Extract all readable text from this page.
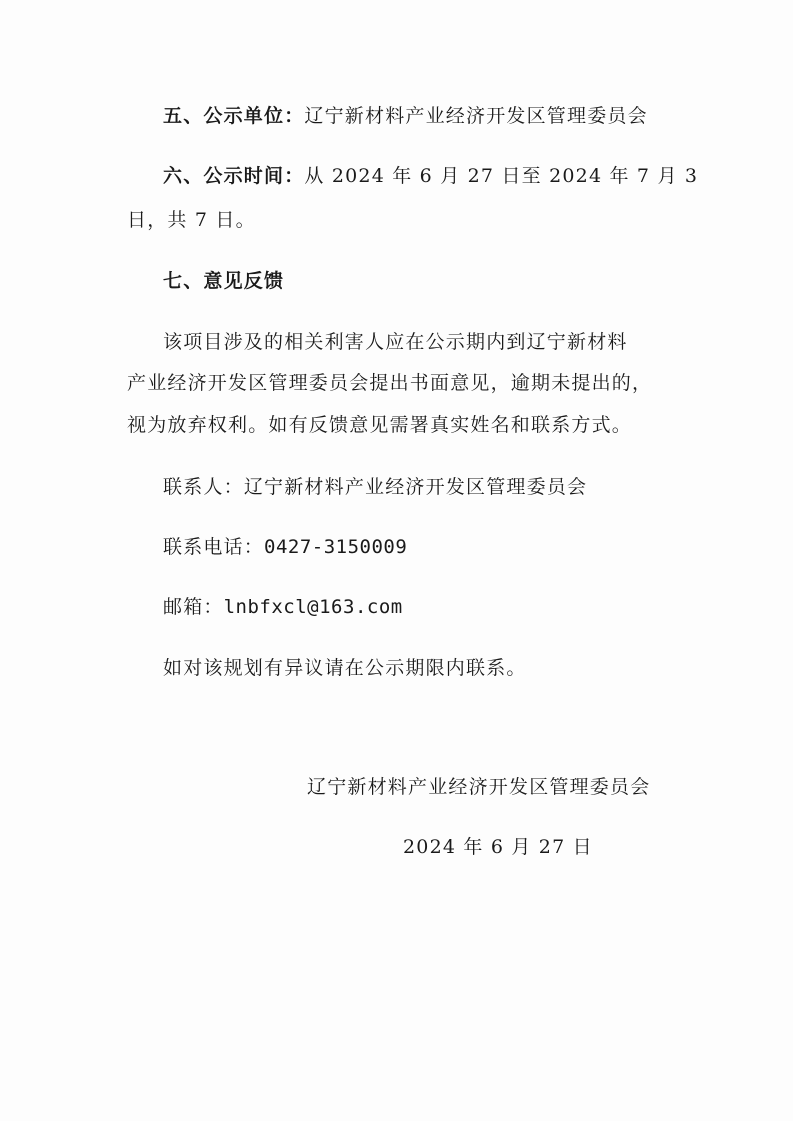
五、公示单位：辽宁新材料产业经济开发区管理委员会
六、公示时间：从 2024 年 6 月 27 日至 2024 年 7 月 3
日，共 7 日。
七、意见反馈
该项目涉及的相关利害人应在公示期内到辽宁新材料
产业经济开发区管理委员会提出书面意见，逾期未提出的，
视为放弃权利。如有反馈意见需署真实姓名和联系方式。
联系人：辽宁新材料产业经济开发区管理委员会
联系电话：0427-3150009
邮箱：lnbfxcl@163.com
如对该规划有异议请在公示期限内联系。
辽宁新材料产业经济开发区管理委员会
2024 年 6 月 27 日
